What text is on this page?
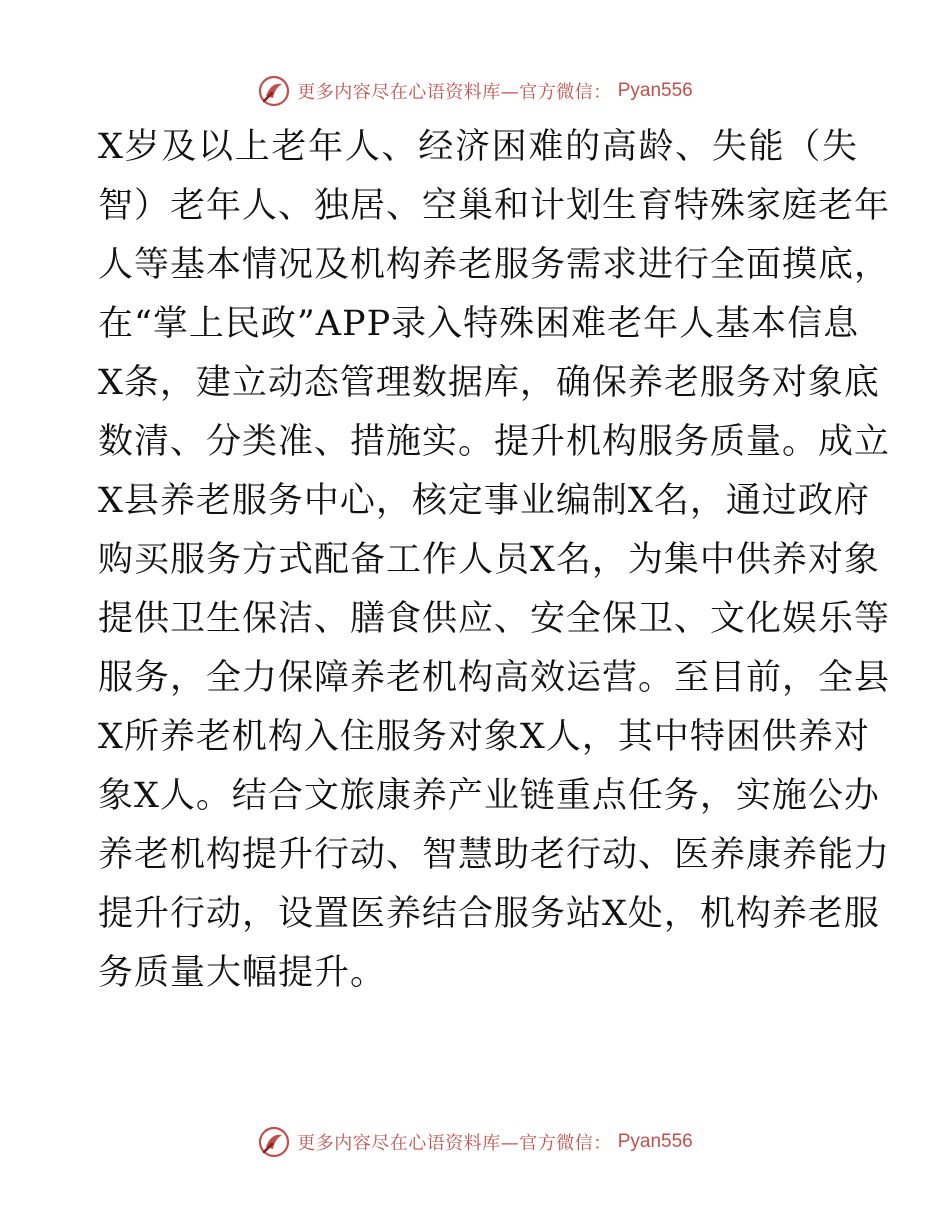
更多内容尽在心语资料库—官方微信： Pyan556
X岁及以上老年人、经济困难的高龄、失能（失
智）老年人、独居、空巢和计划生育特殊家庭老年
人等基本情况及机构养老服务需求进行全面摸底，
在“掌上民政”APP录入特殊困难老年人基本信息
X条，建立动态管理数据库，确保养老服务对象底
数清、分类准、措施实。提升机构服务质量。成立
X县养老服务中心，核定事业编制X名，通过政府
购买服务方式配备工作人员X名，为集中供养对象
提供卫生保洁、膳食供应、安全保卫、文化娱乐等
服务，全力保障养老机构高效运营。至目前，全县
X所养老机构入住服务对象X人，其中特困供养对
象X人。结合文旅康养产业链重点任务，实施公办
养老机构提升行动、智慧助老行动、医养康养能力
提升行动，设置医养结合服务站X处，机构养老服
务质量大幅提升。
更多内容尽在心语资料库—官方微信： Pyan556
